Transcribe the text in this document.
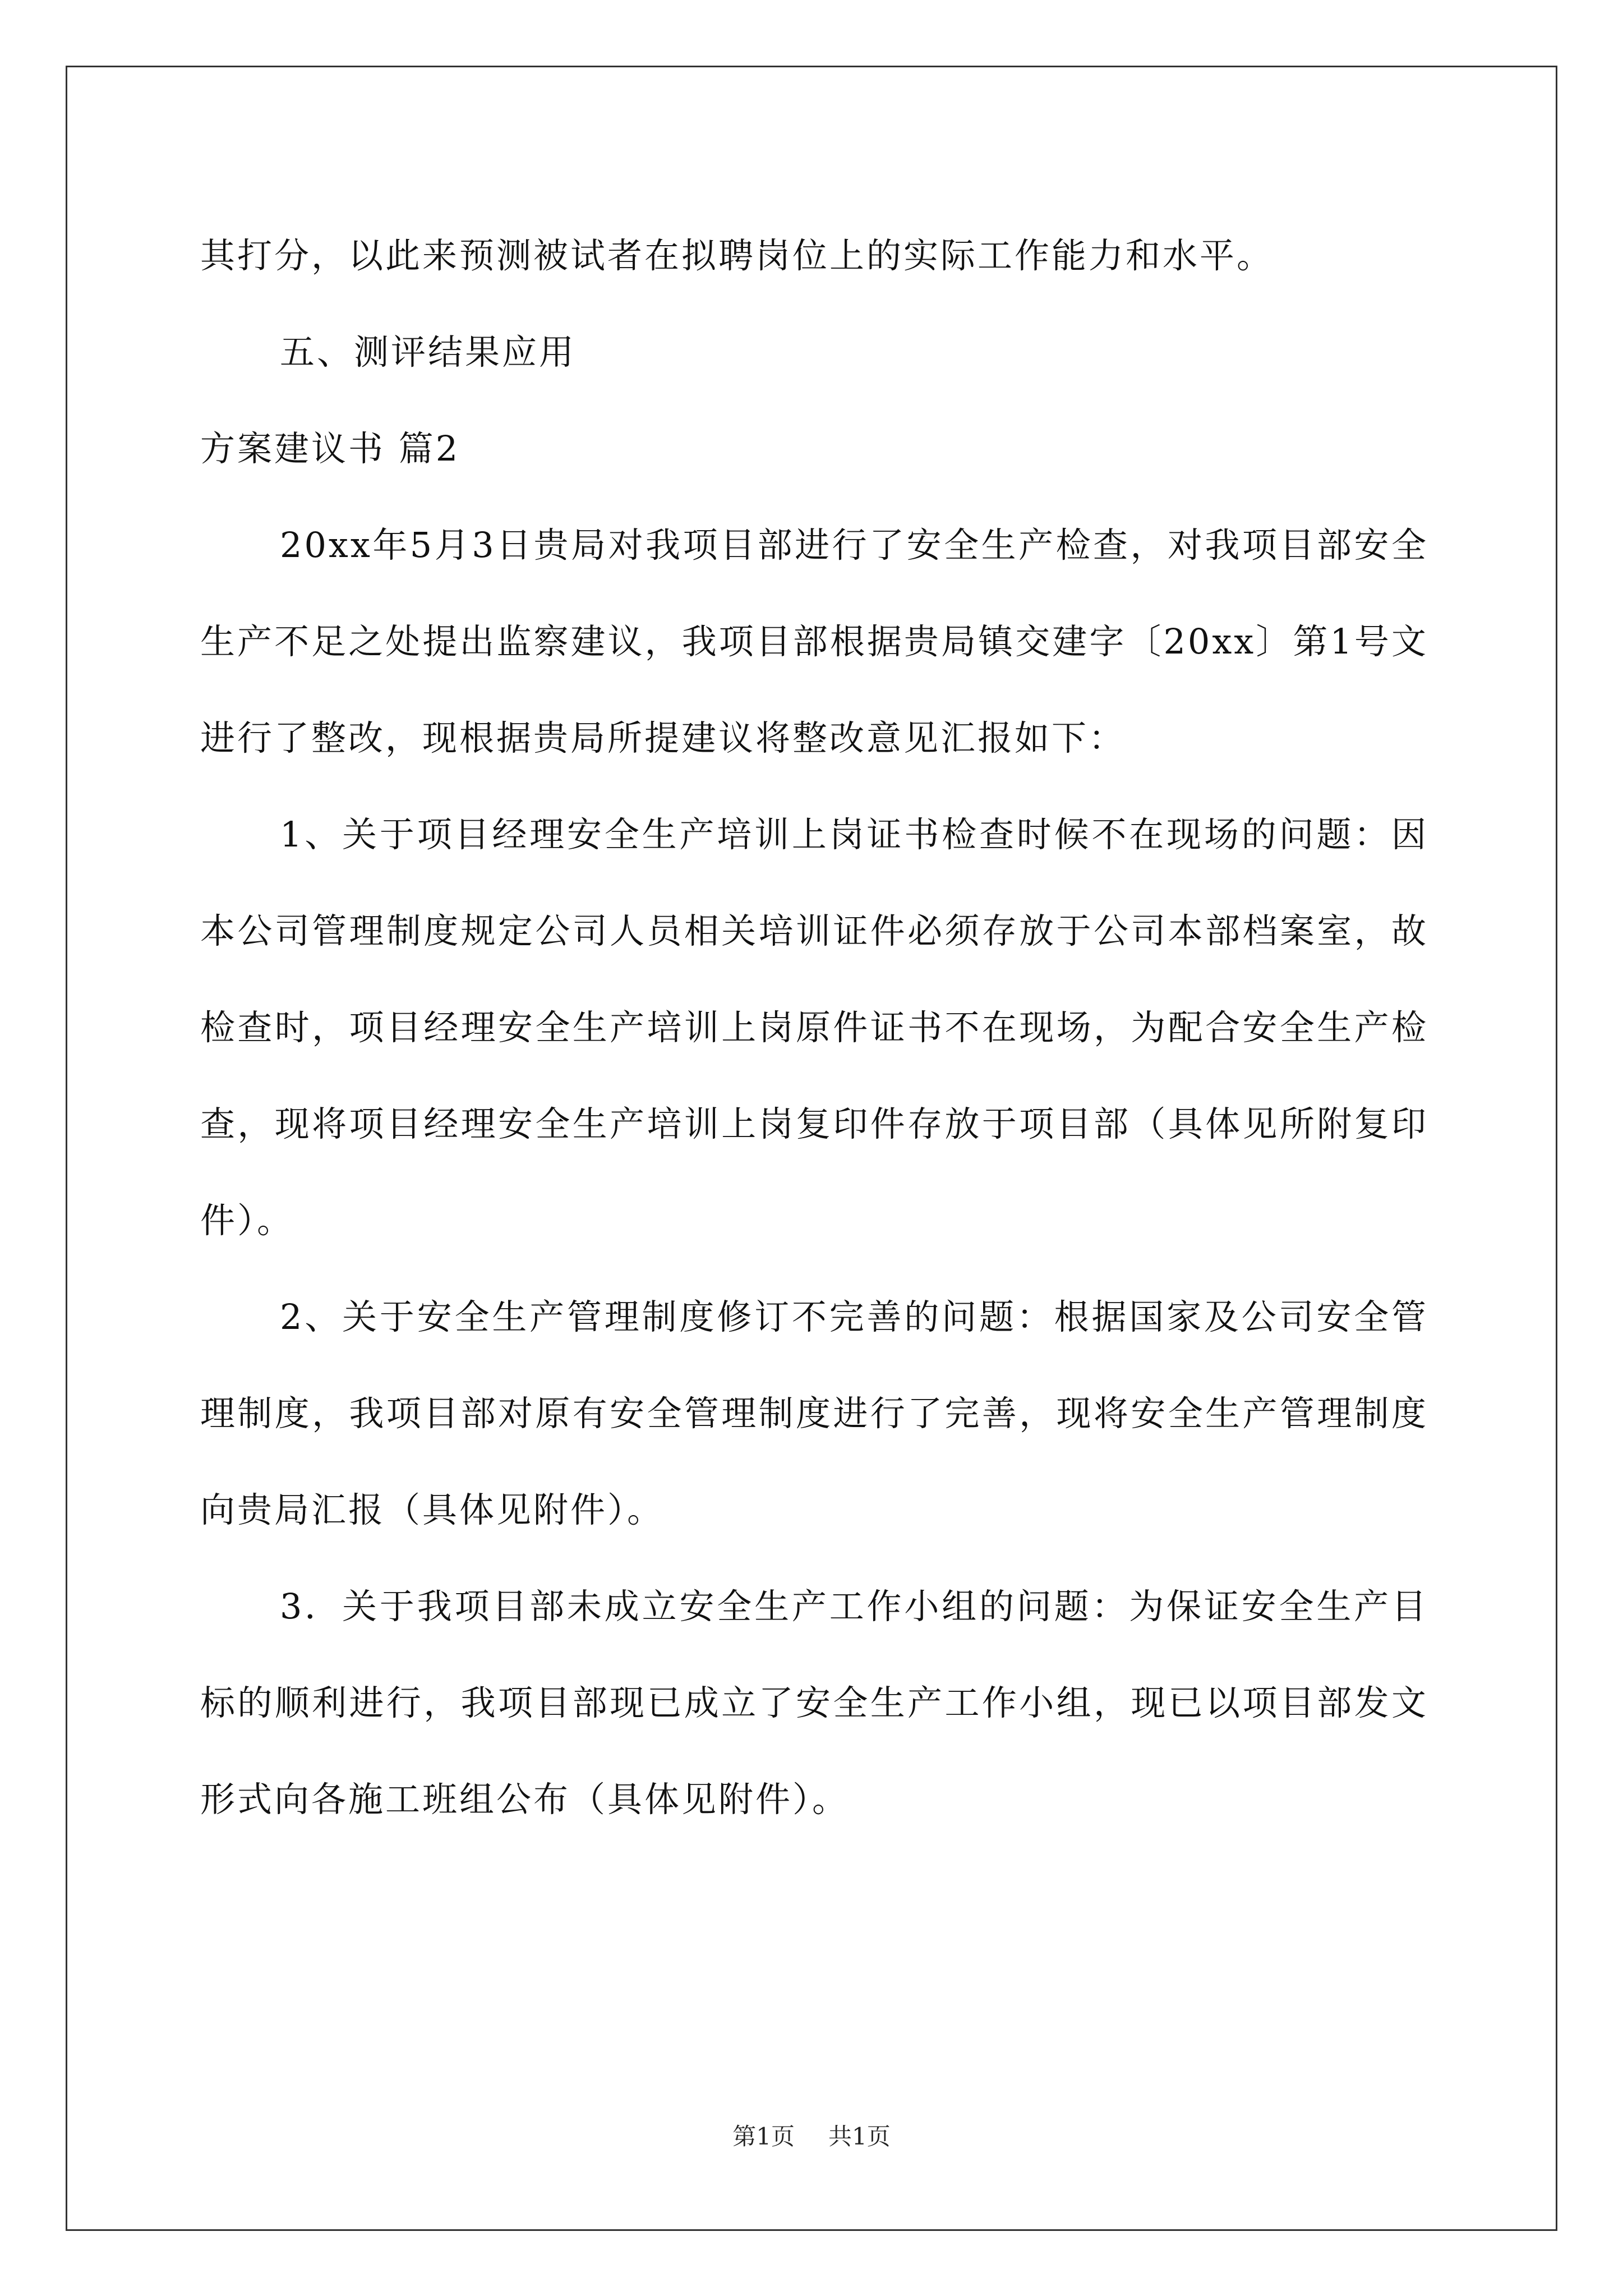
其打分，以此来预测被试者在拟聘岗位上的实际工作能力和水平。

五、测评结果应用

方案建议书 篇2

20xx年5月3日贵局对我项目部进行了安全生产检查，对我项目部安全生产不足之处提出监察建议，我项目部根据贵局镇交建字〔20xx〕第1号文进行了整改，现根据贵局所提建议将整改意见汇报如下：

1、关于项目经理安全生产培训上岗证书检查时候不在现场的问题：因本公司管理制度规定公司人员相关培训证件必须存放于公司本部档案室，故检查时，项目经理安全生产培训上岗原件证书不在现场，为配合安全生产检查，现将项目经理安全生产培训上岗复印件存放于项目部（具体见所附复印件）。

2、关于安全生产管理制度修订不完善的问题：根据国家及公司安全管理制度，我项目部对原有安全管理制度进行了完善，现将安全生产管理制度向贵局汇报（具体见附件）。

3．关于我项目部未成立安全生产工作小组的问题：为保证安全生产目标的顺利进行，我项目部现已成立了安全生产工作小组，现已以项目部发文形式向各施工班组公布（具体见附件）。

第1页 共1页
